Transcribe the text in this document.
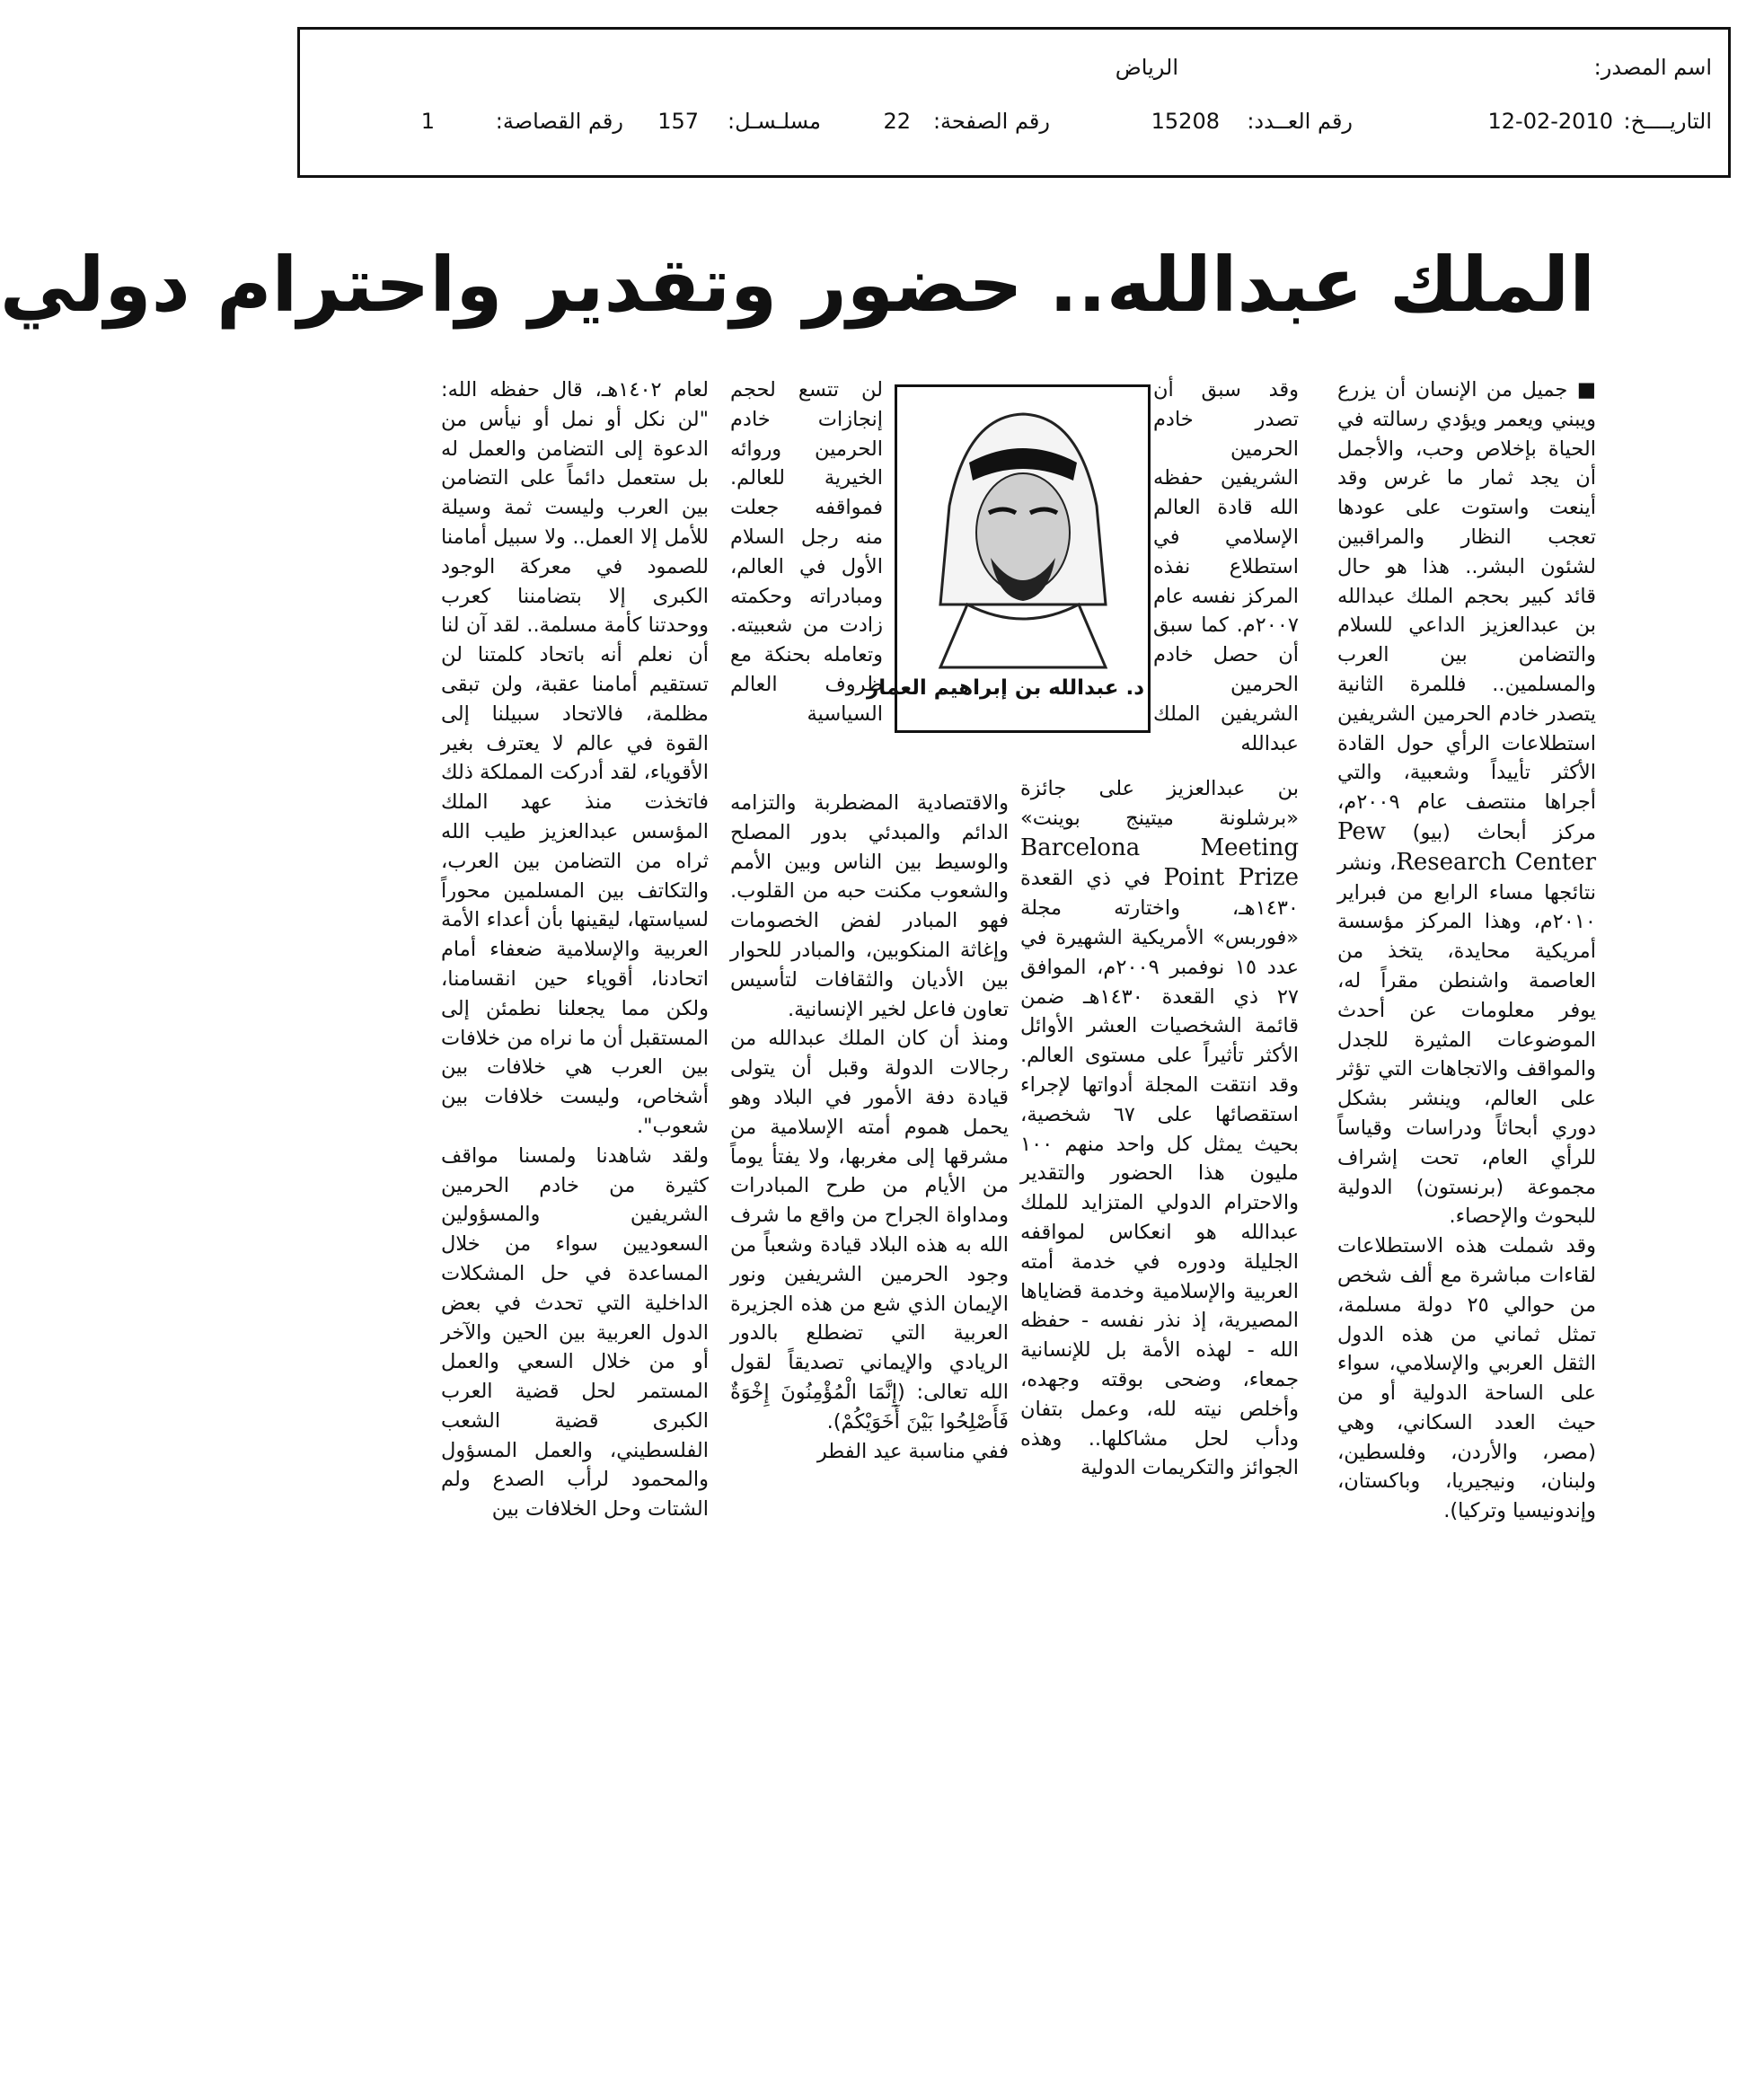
اسم المصدر:
الرياض
التاريــــخ:
12-02-2010
رقم العــدد:
15208
رقم الصفحة:
22
مسلـسـل:
157
رقم القصاصة:
1
الملك عبدالله.. حضور وتقدير واحترام دولي

■ جميل من الإنسان أن يزرع ويبني ويعمر ويؤدي رسالته في الحياة بإخلاص وحب، والأجمل أن يجد ثمار ما غرس وقد أينعت واستوت على عودها تعجب النظار والمراقبين لشئون البشر.. هذا هو حال قائد كبير بحجم الملك عبدالله بن عبدالعزيز الداعي للسلام والتضامن بين العرب والمسلمين.. فللمرة الثانية يتصدر خادم الحرمين الشريفين استطلاعات الرأي حول القادة الأكثر تأييداً وشعبية، والتي أجراها منتصف عام ٢٠٠٩م، مركز أبحاث (بيو) Pew Research Center، ونشر نتائجها مساء الرابع من فبراير ٢٠١٠م، وهذا المركز مؤسسة أمريكية محايدة، يتخذ من العاصمة واشنطن مقراً له، يوفر معلومات عن أحدث الموضوعات المثيرة للجدل والمواقف والاتجاهات التي تؤثر على العالم، وينشر بشكل دوري أبحاثاً ودراسات وقياساً للرأي العام، تحت إشراف مجموعة (برنستون) الدولية للبحوث والإحصاء.

وقد شملت هذه الاستطلاعات لقاءات مباشرة مع ألف شخص من حوالي ٢٥ دولة مسلمة، تمثل ثماني من هذه الدول الثقل العربي والإسلامي، سواء على الساحة الدولية أو من حيث العدد السكاني، وهي (مصر، والأردن، وفلسطين، ولبنان، ونيجيريا، وباكستان، وإندونيسيا وتركيا).

وقد سبق أن تصدر خادم الحرمين الشريفين حفظه الله قادة العالم الإسلامي في استطلاع نفذه المركز نفسه عام ٢٠٠٧م. كما سبق أن حصل خادم الحرمين الشريفين الملك عبدالله
د. عبدالله بن إبراهيم العمار

بن عبدالعزيز على جائزة «برشلونة ميتينج بوينت» Barcelona Meeting Point Prize في ذي القعدة ١٤٣٠هـ، واختارته مجلة «فوربس» الأمريكية الشهيرة في عدد ١٥ نوفمبر ٢٠٠٩م، الموافق ٢٧ ذي القعدة ١٤٣٠هـ ضمن قائمة الشخصيات العشر الأوائل الأكثر تأثيراً على مستوى العالم. وقد انتقت المجلة أدواتها لإجراء استقصائها على ٦٧ شخصية، بحيث يمثل كل واحد منهم ١٠٠ مليون هذا الحضور والتقدير والاحترام الدولي المتزايد للملك عبدالله هو انعكاس لمواقفه الجليلة ودوره في خدمة أمته العربية والإسلامية وخدمة قضاياها المصيرية، إذ نذر نفسه - حفظه الله - لهذه الأمة بل للإنسانية جمعاء، وضحى بوقته وجهده، وأخلص نيته لله، وعمل بتفان ودأب لحل مشاكلها.. وهذه الجوائز والتكريمات الدولية

لن تتسع لحجم إنجازات خادم الحرمين وروائه الخيرية للعالم. فمواقفه جعلت منه رجل السلام الأول في العالم، ومبادراته وحكمته زادت من شعبيته. وتعامله بحنكة مع ظروف العالم السياسية

والاقتصادية المضطربة والتزامه الدائم والمبدئي بدور المصلح والوسيط بين الناس وبين الأمم والشعوب مكنت حبه من القلوب. فهو المبادر لفض الخصومات وإغاثة المنكوبين، والمبادر للحوار بين الأديان والثقافات لتأسيس تعاون فاعل لخير الإنسانية.

ومنذ أن كان الملك عبدالله من رجالات الدولة وقبل أن يتولى قيادة دفة الأمور في البلاد وهو يحمل هموم أمته الإسلامية من مشرقها إلى مغربها، ولا يفتأ يوماً من الأيام من طرح المبادرات ومداواة الجراح من واقع ما شرف الله به هذه البلاد قيادة وشعباً من وجود الحرمين الشريفين ونور الإيمان الذي شع من هذه الجزيرة العربية التي تضطلع بالدور الريادي والإيماني تصديقاً لقول الله تعالى: (إِنَّمَا الْمُؤْمِنُونَ إِخْوَةٌ فَأَصْلِحُوا بَيْنَ أَخَوَيْكُمْ).

ففي مناسبة عيد الفطر

لعام ١٤٠٢هـ، قال حفظه الله: "لن نكل أو نمل أو نيأس من الدعوة إلى التضامن والعمل له بل ستعمل دائماً على التضامن بين العرب وليست ثمة وسيلة للأمل إلا العمل.. ولا سبيل أمامنا للصمود في معركة الوجود الكبرى إلا بتضامننا كعرب ووحدتنا كأمة مسلمة.. لقد آن لنا أن نعلم أنه باتحاد كلمتنا لن تستقيم أمامنا عقبة، ولن تبقى مظلمة، فالاتحاد سبيلنا إلى القوة في عالم لا يعترف بغير الأقوياء، لقد أدركت المملكة ذلك فاتخذت منذ عهد الملك المؤسس عبدالعزيز طيب الله ثراه من التضامن بين العرب، والتكاتف بين المسلمين محوراً لسياستها، ليقينها بأن أعداء الأمة العربية والإسلامية ضعفاء أمام اتحادنا، أقوياء حين انقسامنا، ولكن مما يجعلنا نطمئن إلى المستقبل أن ما نراه من خلافات بين العرب هي خلافات بين أشخاص، وليست خلافات بين شعوب".

ولقد شاهدنا ولمسنا مواقف كثيرة من خادم الحرمين الشريفين والمسؤولين السعوديين سواء من خلال المساعدة في حل المشكلات الداخلية التي تحدث في بعض الدول العربية بين الحين والآخر أو من خلال السعي والعمل المستمر لحل قضية العرب الكبرى قضية الشعب الفلسطيني، والعمل المسؤول والمحمود لرأب الصدع ولم الشتات وحل الخلافات بين
